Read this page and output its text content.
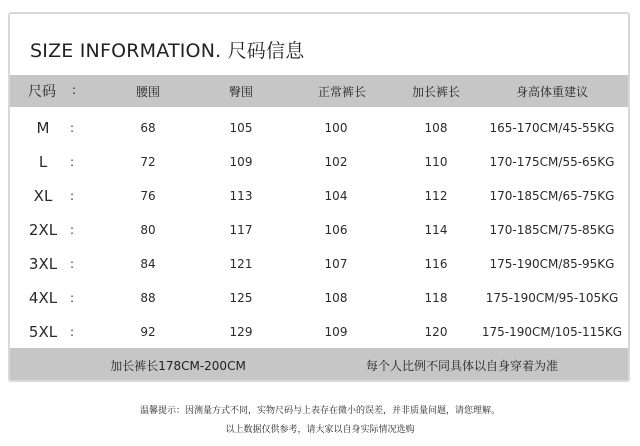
SIZE INFORMATION. 尺码信息
尺码 :	腰围	臀围	正常裤长	加长裤长	身高体重建议
M :	68	105	100	108	165-170CM/45-55KG
L :	72	109	102	110	170-175CM/55-65KG
XL :	76	113	104	112	170-185CM/65-75KG
2XL :	80	117	106	114	170-185CM/75-85KG
3XL :	84	121	107	116	175-190CM/85-95KG
4XL :	88	125	108	118	175-190CM/95-105KG
5XL :	92	129	109	120	175-190CM/105-115KG
加长裤长178CM-200CM	每个人比例不同具体以自身穿着为准
温馨提示：因测量方式不同，实物尺码与上表存在微小的误差，并非质量问题，请您理解。
以上数据仅供参考，请大家以自身实际情况选购
